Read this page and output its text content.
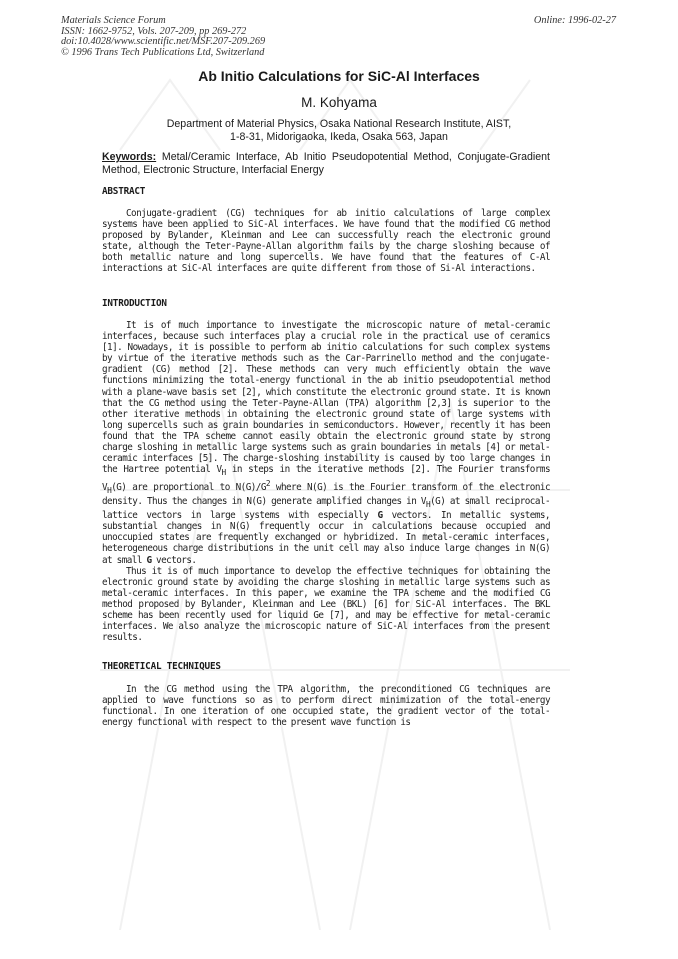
Materials Science Forum
ISSN: 1662-9752, Vols. 207-209, pp 269-272
doi:10.4028/www.scientific.net/MSF.207-209.269
© 1996 Trans Tech Publications Ltd, Switzerland
Online: 1996-02-27
Ab Initio Calculations for SiC-Al Interfaces
M. Kohyama
Department of Material Physics, Osaka National Research Institute, AIST,
1-8-31, Midorigaoka, Ikeda, Osaka 563, Japan
Keywords: Metal/Ceramic Interface, Ab Initio Pseudopotential Method, Conjugate-Gradient Method, Electronic Structure, Interfacial Energy
ABSTRACT

Conjugate-gradient (CG) techniques for ab initio calculations of large complex systems have been applied to SiC-Al interfaces. We have found that the modified CG method proposed by Bylander, Kleinman and Lee can successfully reach the electronic ground state, although the Teter-Payne-Allan algorithm fails by the charge sloshing because of both metallic nature and long supercells. We have found that the features of C-Al interactions at SiC-Al interfaces are quite different from those of Si-Al interactions.

INTRODUCTION

It is of much importance to investigate the microscopic nature of metal-ceramic interfaces, because such interfaces play a crucial role in the practical use of ceramics [1]. Nowadays, it is possible to perform ab initio calculations for such complex systems by virtue of the iterative methods such as the Car-Parrinello method and the conjugate-gradient (CG) method [2]. These methods can very much efficiently obtain the wave functions minimizing the total-energy functional in the ab initio pseudopotential method with a plane-wave basis set [2], which constitute the electronic ground state. It is known that the CG method using the Teter-Payne-Allan (TPA) algorithm [2,3] is superior to the other iterative methods in obtaining the electronic ground state of large systems with long supercells such as grain boundaries in semiconductors. However, recently it has been found that the TPA scheme cannot easily obtain the electronic ground state by strong charge sloshing in metallic large systems such as grain boundaries in metals [4] or metal-ceramic interfaces [5]. The charge-sloshing instability is caused by too large changes in the Hartree potential $V_H$ in steps in the iterative methods [2]. The Fourier transforms $V_H(G)$ are proportional to $N(G)/G^2$ where N(G) is the Fourier transform of the electronic density. Thus the changes in N(G) generate amplified changes in $V_H(G)$ at small reciprocal-lattice vectors in large systems with especially G vectors. In metallic systems, substantial changes in N(G) frequently occur in calculations because occupied and unoccupied states are frequently exchanged or hybridized. In metal-ceramic interfaces, heterogeneous charge distributions in the unit cell may also induce large changes in N(G) at small G vectors.

Thus it is of much importance to develop the effective techniques for obtaining the electronic ground state by avoiding the charge sloshing in metallic large systems such as metal-ceramic interfaces. In this paper, we examine the TPA scheme and the modified CG method proposed by Bylander, Kleinman and Lee (BKL) [6] for SiC-Al interfaces. The BKL scheme has been recently used for liquid Ge [7], and may be effective for metal-ceramic interfaces. We also analyze the microscopic nature of SiC-Al interfaces from the present results.

THEORETICAL TECHNIQUES

In the CG method using the TPA algorithm, the preconditioned CG techniques are applied to wave functions so as to perform direct minimization of the total-energy functional. In one iteration of one occupied state, the gradient vector of the total-energy functional with respect to the present wave function is
